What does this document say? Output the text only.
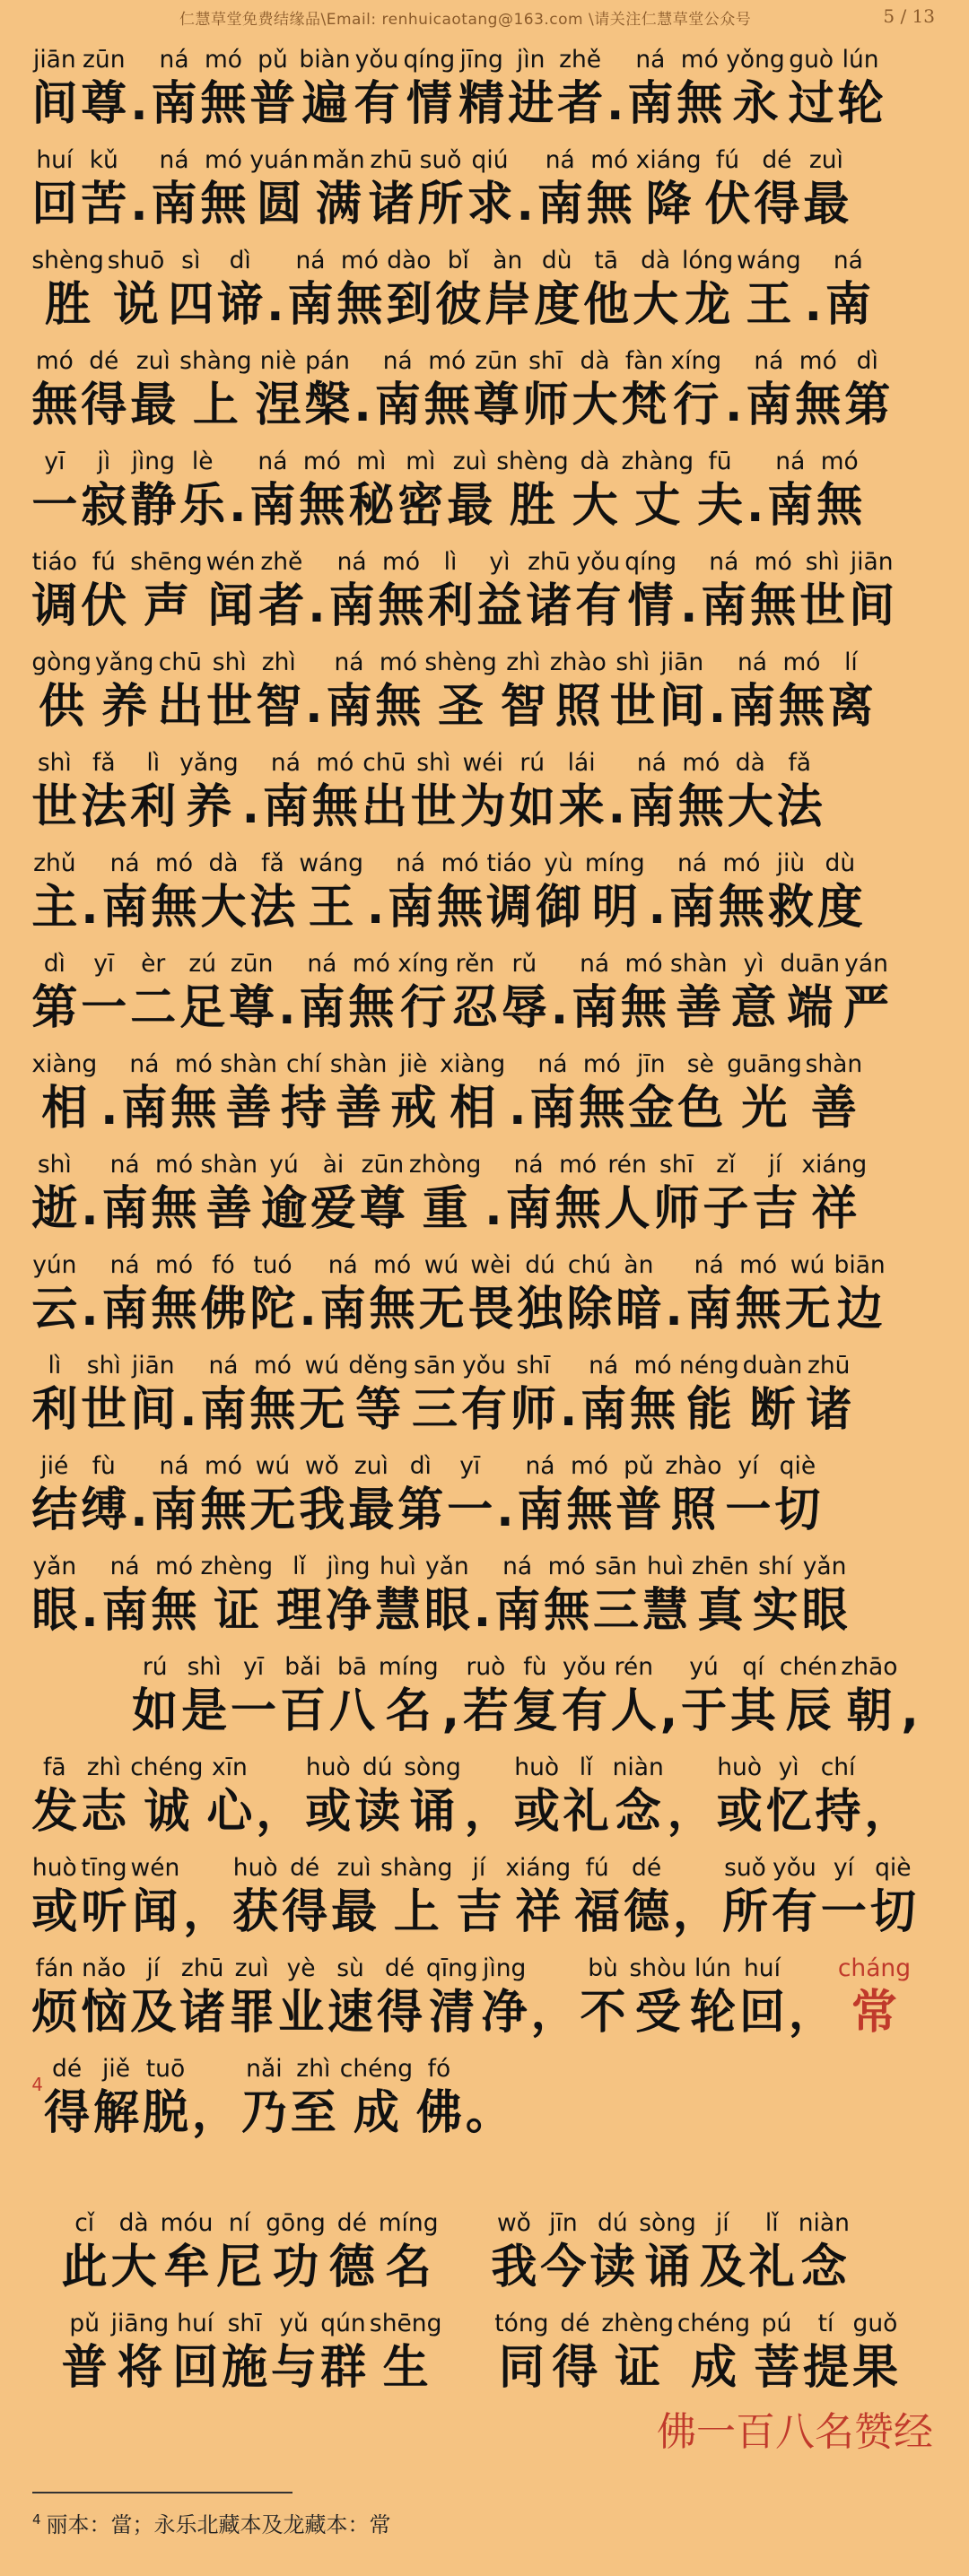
仁慧草堂免费结缘品\Email: renhuicaotang@163.com \请关注仁慧草堂公众号	5 / 13
jiān
间
zūn
尊 .
ná
南
mó
無
pǔ
普
biàn
遍
yǒu
有
qíng
情
jīng
精
jìn
进
zhě
者 .
ná
南
mó
無
yǒng
永
guò
过
lún
轮
huí
回
kǔ
苦 .
ná
南
mó
無
yuán
圆
mǎn
满
zhū
诸
suǒ
所
qiú
求 .
ná
南
mó
無
xiáng
降
fú
伏
dé
得
zuì
最
shèng
胜
shuō
说
sì
四
dì
谛 .
ná
南
mó
無
dào
到
bǐ
彼
àn
岸
dù
度
tā
他
dà
大
lóng
龙
wáng
王 .
ná
南
mó
無
dé
得
zuì
最
shàng
上
niè
涅
pán
槃 .
ná
南
mó
無
zūn
尊
shī
师
dà
大
fàn
梵
xíng
行 .
ná
南
mó
無
dì
第
yī
一
jì
寂
jìng
静
lè
乐 .
ná
南
mó
無
mì
秘
mì
密
zuì
最
shèng
胜
dà
大
zhàng
丈
fū
夫 .
ná
南
mó
無
tiáo
调
fú
伏
shēng
声
wén
闻
zhě
者 .
ná
南
mó
無
lì
利
yì
益
zhū
诸
yǒu
有
qíng
情 .
ná
南
mó
無
shì
世
jiān
间
gòng
供
yǎng
养
chū
出
shì
世
zhì
智 .
ná
南
mó
無
shèng
圣
zhì
智
zhào
照
shì
世
jiān
间 .
ná
南
mó
無
lí
离
shì
世
fǎ
法
lì
利
yǎng
养 .
ná
南
mó
無
chū
出
shì
世
wéi
为
rú
如
lái
来 .
ná
南
mó
無
dà
大
fǎ
法
zhǔ
主 .
ná
南
mó
無
dà
大
fǎ
法
wáng
王 .
ná
南
mó
無
tiáo
调
yù
御
míng
明 .
ná
南
mó
無
jiù
救
dù
度
dì
第
yī
一
èr
二
zú
足
zūn
尊 .
ná
南
mó
無
xíng
行
rěn
忍
rǔ
辱 .
ná
南
mó
無
shàn
善
yì
意
duān
端
yán
严
xiàng
相 .
ná
南
mó
無
shàn
善
chí
持
shàn
善
jiè
戒
xiàng
相 .
ná
南
mó
無
jīn
金
sè
色
guāng
光
shàn
善
shì
逝 .
ná
南
mó
無
shàn
善
yú
逾
ài
爱
zūn
尊
zhòng
重 .
ná
南
mó
無
rén
人
shī
师
zǐ
子
jí
吉
xiáng
祥
yún
云 .
ná
南
mó
無
fó
佛
tuó
陀 .
ná
南
mó
無
wú
无
wèi
畏
dú
独
chú
除
àn
暗 .
ná
南
mó
無
wú
无
biān
边
lì
利
shì
世
jiān
间 .
ná
南
mó
無
wú
无
děng
等
sān
三
yǒu
有
shī
师 .
ná
南
mó
無
néng
能
duàn
断
zhū
诸
jié
结
fù
缚 .
ná
南
mó
無
wú
无
wǒ
我
zuì
最
dì
第
yī
一 .
ná
南
mó
無
pǔ
普
zhào
照
yí
一
qiè
切
yǎn
眼 .
ná
南
mó
無
zhèng
证
lǐ
理
jìng
净
huì
慧
yǎn
眼 .
ná
南
mó
無
sān
三
huì
慧
zhēn
真
shí
实
yǎn
眼
rú
如
shì
是
yī
一
bǎi
百
bā
八
míng
名 ,
ruò
若
fù
复
yǒu
有
rén
人 ,
yú
于
qí
其
chén
辰
zhāo
朝 ,
fā
发
zhì
志
chéng
诚
xīn
心 ，
huò
或
dú
读
sòng
诵 ，
huò
或
lǐ
礼
niàn
念 ，
huò
或
yì
忆
chí
持 ，
huò
或
tīng
听
wén
闻 ，
huò
获
dé
得
zuì
最
shàng
上
jí
吉
xiáng
祥
fú
福
dé
德 ，
suǒ
所
yǒu
有
yí
一
qiè
切
fán
烦
nǎo
恼
jí
及
zhū
诸
zuì
罪
yè
业
sù
速
dé
得
qīng
清
jìng
净 ，
bù
不
shòu
受
lún
轮
huí
回 ，
cháng
常
4
dé
得
jiě
解
tuō
脱 ，
nǎi
乃
zhì
至
chéng
成
fó
佛 。
cǐ
此
dà
大
móu
牟
ní
尼
gōng
功
dé
德
míng
名

wǒ
我
jīn
今
dú
读
sòng
诵
jí
及
lǐ
礼
niàn
念
pǔ
普
jiāng
将
huí
回
shī
施
yǔ
与
qún
群
shēng
生

tóng
同
dé
得
zhèng
证
chéng
成
pú
菩
tí
提
guǒ
果
佛一百八名赞经
$^4$ 丽本：當；永乐北藏本及龙藏本：常
